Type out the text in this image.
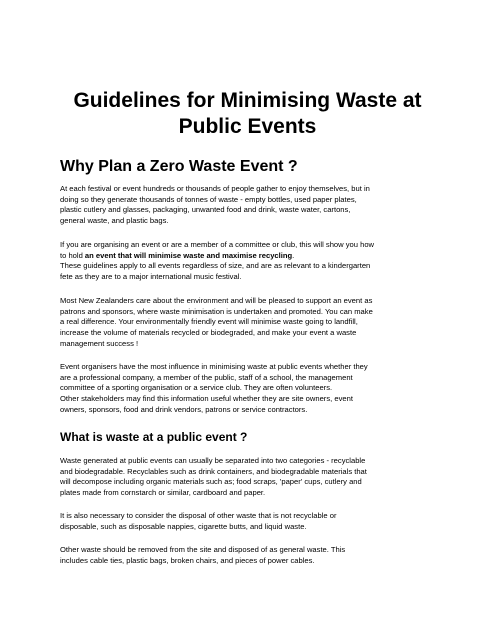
Guidelines for Minimising Waste at
Public Events
Why Plan a Zero Waste Event ?

At each festival or event hundreds or thousands of people gather to enjoy themselves, but in
doing so they generate thousands of tonnes of waste - empty bottles, used paper plates,
plastic cutlery and glasses, packaging, unwanted food and drink, waste water, cartons,
general waste, and plastic bags.

If you are organising an event or are a member of a committee or club, this will show you how
to hold an event that will minimise waste and maximise recycling.
These guidelines apply to all events regardless of size, and are as relevant to a kindergarten
fete as they are to a major international music festival.

Most New Zealanders care about the environment and will be pleased to support an event as
patrons and sponsors, where waste minimisation is undertaken and promoted. You can make
a real difference. Your environmentally friendly event will minimise waste going to landfill,
increase the volume of materials recycled or biodegraded, and make your event a waste
management success !

Event organisers have the most influence in minimising waste at public events whether they
are a professional company, a member of the public, staff of a school, the management
committee of a sporting organisation or a service club. They are often volunteers.
Other stakeholders may find this information useful whether they are site owners, event
owners, sponsors, food and drink vendors, patrons or service contractors.

What is waste at a public event ?

Waste generated at public events can usually be separated into two categories - recyclable
and biodegradable. Recyclables such as drink containers, and biodegradable materials that
will decompose including organic materials such as; food scraps, 'paper' cups, cutlery and
plates made from cornstarch or similar, cardboard and paper.

It is also necessary to consider the disposal of other waste that is not recyclable or
disposable, such as disposable nappies, cigarette butts, and liquid waste.

Other waste should be removed from the site and disposed of as general waste. This
includes cable ties, plastic bags, broken chairs, and pieces of power cables.
